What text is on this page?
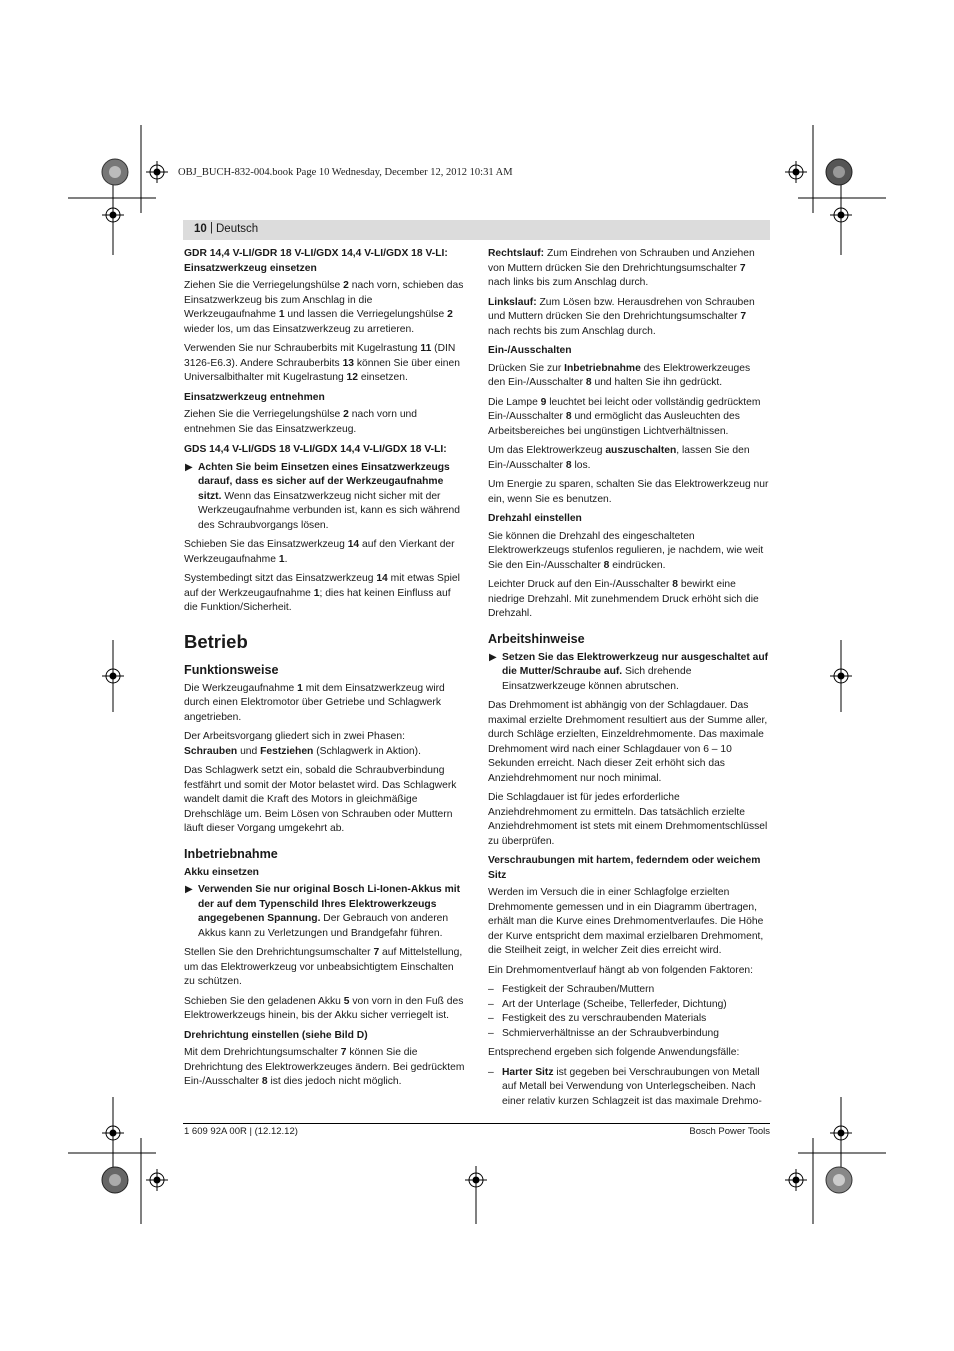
OBJ_BUCH-832-004.book Page 10 Wednesday, December 12, 2012 10:31 AM
10 | Deutsch
GDR 14,4 V-LI/GDR 18 V-LI/GDX 14,4 V-LI/GDX 18 V-LI:
Einsatzwerkzeug einsetzen

Ziehen Sie die Verriegelungshülse 2 nach vorn, schieben das Einsatzwerkzeug bis zum Anschlag in die Werkzeugaufnahme 1 und lassen die Verriegelungshülse 2 wieder los, um das Einsatzwerkzeug zu arretieren.

Verwenden Sie nur Schrauberbits mit Kugelrastung 11 (DIN 3126-E6.3). Andere Schrauberbits 13 können Sie über einen Universalbithalter mit Kugelrastung 12 einsetzen.

Einsatzwerkzeug entnehmen

Ziehen Sie die Verriegelungshülse 2 nach vorn und entnehmen Sie das Einsatzwerkzeug.

GDS 14,4 V-LI/GDS 18 V-LI/GDX 14,4 V-LI/GDX 18 V-LI:
▶ Achten Sie beim Einsetzen eines Einsatzwerkzeugs darauf, dass es sicher auf der Werkzeugaufnahme sitzt. Wenn das Einsatzwerkzeug nicht sicher mit der Werkzeugaufnahme verbunden ist, kann es sich während des Schraubvorgangs lösen.

Schieben Sie das Einsatzwerkzeug 14 auf den Vierkant der Werkzeugaufnahme 1.

Systembedingt sitzt das Einsatzwerkzeug 14 mit etwas Spiel auf der Werkzeugaufnahme 1; dies hat keinen Einfluss auf die Funktion/Sicherheit.

Betrieb
Funktionsweise

Die Werkzeugaufnahme 1 mit dem Einsatzwerkzeug wird durch einen Elektromotor über Getriebe und Schlagwerk angetrieben.

Der Arbeitsvorgang gliedert sich in zwei Phasen:
Schrauben und Festziehen (Schlagwerk in Aktion).

Das Schlagwerk setzt ein, sobald die Schraubverbindung festfährt und somit der Motor belastet wird. Das Schlagwerk wandelt damit die Kraft des Motors in gleichmäßige Drehschläge um. Beim Lösen von Schrauben oder Muttern läuft dieser Vorgang umgekehrt ab.

Inbetriebnahme
Akku einsetzen
▶ Verwenden Sie nur original Bosch Li-Ionen-Akkus mit der auf dem Typenschild Ihres Elektrowerkzeugs angegebenen Spannung. Der Gebrauch von anderen Akkus kann zu Verletzungen und Brandgefahr führen.

Stellen Sie den Drehrichtungsumschalter 7 auf Mittelstellung, um das Elektrowerkzeug vor unbeabsichtigtem Einschalten zu schützen.

Schieben Sie den geladenen Akku 5 von vorn in den Fuß des Elektrowerkzeugs hinein, bis der Akku sicher verriegelt ist.

Drehrichtung einstellen (siehe Bild D)

Mit dem Drehrichtungsumschalter 7 können Sie die Drehrichtung des Elektrowerkzeuges ändern. Bei gedrücktem Ein-/Ausschalter 8 ist dies jedoch nicht möglich.

Rechtslauf: Zum Eindrehen von Schrauben und Anziehen von Muttern drücken Sie den Drehrichtungsumschalter 7 nach links bis zum Anschlag durch.

Linkslauf: Zum Lösen bzw. Herausdrehen von Schrauben und Muttern drücken Sie den Drehrichtungsumschalter 7 nach rechts bis zum Anschlag durch.

Ein-/Ausschalten

Drücken Sie zur Inbetriebnahme des Elektrowerkzeuges den Ein-/Ausschalter 8 und halten Sie ihn gedrückt.

Die Lampe 9 leuchtet bei leicht oder vollständig gedrücktem Ein-/Ausschalter 8 und ermöglicht das Ausleuchten des Arbeitsbereiches bei ungünstigen Lichtverhältnissen.

Um das Elektrowerkzeug auszuschalten, lassen Sie den Ein-/Ausschalter 8 los.

Um Energie zu sparen, schalten Sie das Elektrowerkzeug nur ein, wenn Sie es benutzen.

Drehzahl einstellen

Sie können die Drehzahl des eingeschalteten Elektrowerkzeugs stufenlos regulieren, je nachdem, wie weit Sie den Ein-/Ausschalter 8 eindrücken.

Leichter Druck auf den Ein-/Ausschalter 8 bewirkt eine niedrige Drehzahl. Mit zunehmendem Druck erhöht sich die Drehzahl.

Arbeitshinweise
▶ Setzen Sie das Elektrowerkzeug nur ausgeschaltet auf die Mutter/Schraube auf. Sich drehende Einsatzwerkzeuge können abrutschen.

Das Drehmoment ist abhängig von der Schlagdauer. Das maximal erzielte Drehmoment resultiert aus der Summe aller, durch Schläge erzielten, Einzeldrehmomente. Das maximale Drehmoment wird nach einer Schlagdauer von 6 – 10 Sekunden erreicht. Nach dieser Zeit erhöht sich das Anziehdrehmoment nur noch minimal.

Die Schlagdauer ist für jedes erforderliche Anziehdrehmoment zu ermitteln. Das tatsächlich erzielte Anziehdrehmoment ist stets mit einem Drehmomentschlüssel zu überprüfen.

Verschraubungen mit hartem, federndem oder weichem Sitz

Werden im Versuch die in einer Schlagfolge erzielten Drehmomente gemessen und in ein Diagramm übertragen, erhält man die Kurve eines Drehmomentverlaufes. Die Höhe der Kurve entspricht dem maximal erzielbaren Drehmoment, die Steilheit zeigt, in welcher Zeit dies erreicht wird.

Ein Drehmomentverlauf hängt ab von folgenden Faktoren:

– Festigkeit der Schrauben/Muttern
– Art der Unterlage (Scheibe, Tellerfeder, Dichtung)
– Festigkeit des zu verschraubenden Materials
– Schmierverhältnisse an der Schraubverbindung

Entsprechend ergeben sich folgende Anwendungsfälle:

– Harter Sitz ist gegeben bei Verschraubungen von Metall auf Metall bei Verwendung von Unterlegscheiben. Nach einer relativ kurzen Schlagzeit ist das maximale Drehmo-
1 609 92A 00R | (12.12.12)	Bosch Power Tools
